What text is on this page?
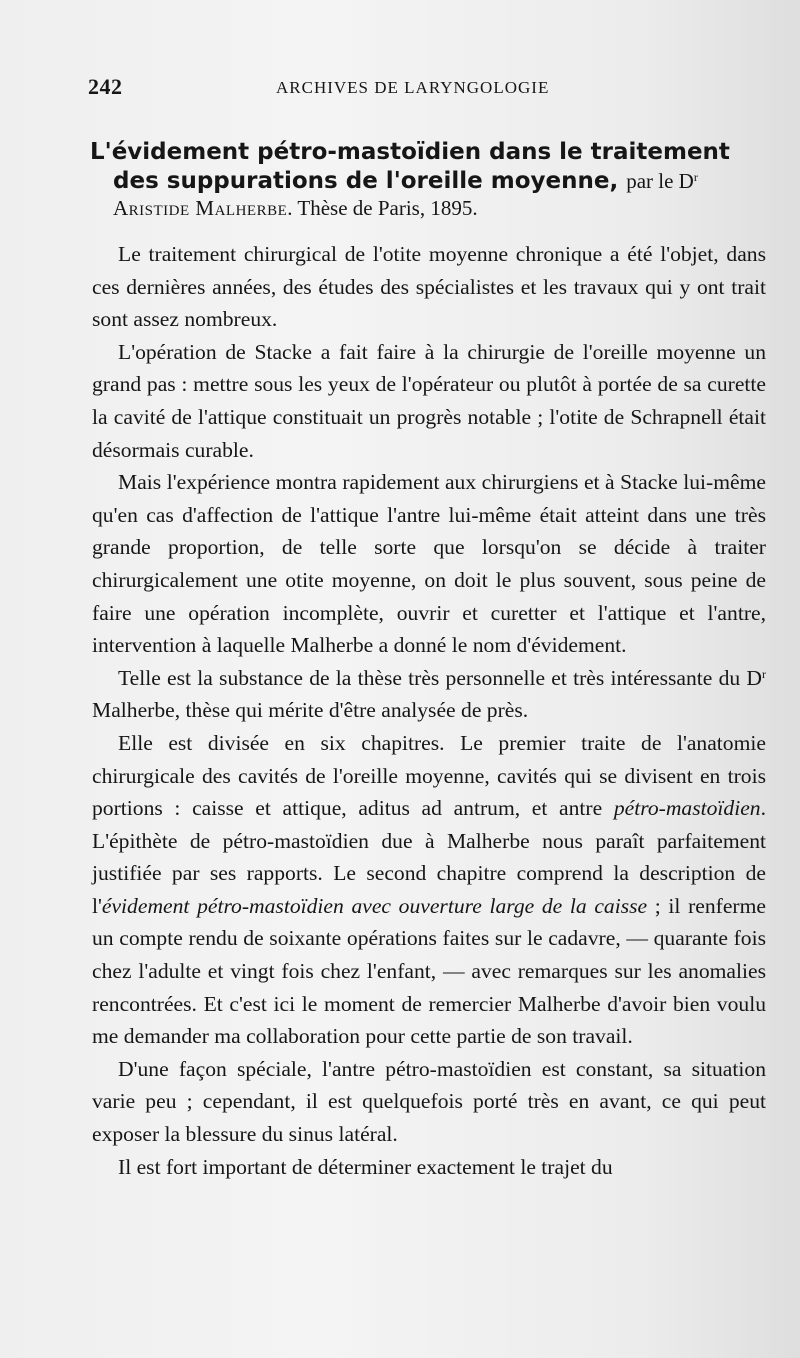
242	ARCHIVES DE LARYNGOLOGIE
L'évidement pétro-mastoïdien dans le traitement
des suppurations de l'oreille moyenne, par le $D^r$
Aristide Malherbe. Thèse de Paris, 1895.

Le traitement chirurgical de l'otite moyenne chronique a été l'objet, dans ces dernières années, des études des spécialistes et les travaux qui y ont trait sont assez nombreux.

L'opération de Stacke a fait faire à la chirurgie de l'oreille moyenne un grand pas : mettre sous les yeux de l'opérateur ou plutôt à portée de sa curette la cavité de l'attique constituait un progrès notable ; l'otite de Schrapnell était désormais curable.

Mais l'expérience montra rapidement aux chirurgiens et à Stacke lui-même qu'en cas d'affection de l'attique l'antre lui-même était atteint dans une très grande proportion, de telle sorte que lorsqu'on se décide à traiter chirurgicalement une otite moyenne, on doit le plus souvent, sous peine de faire une opération incomplète, ouvrir et curetter et l'attique et l'antre, intervention à laquelle Malherbe a donné le nom d'évidement.

Telle est la substance de la thèse très personnelle et très intéressante du $D^r$ Malherbe, thèse qui mérite d'être analysée de près.

Elle est divisée en six chapitres. Le premier traite de l'anatomie chirurgicale des cavités de l'oreille moyenne, cavités qui se divisent en trois portions : caisse et attique, aditus ad antrum, et antre pétro-mastoïdien. L'épithète de pétro-mastoïdien due à Malherbe nous paraît parfaitement justifiée par ses rapports. Le second chapitre comprend la description de l'évidement pétro-mastoïdien avec ouverture large de la caisse ; il renferme un compte rendu de soixante opérations faites sur le cadavre, — quarante fois chez l'adulte et vingt fois chez l'enfant, — avec remarques sur les anomalies rencontrées. Et c'est ici le moment de remercier Malherbe d'avoir bien voulu me demander ma collaboration pour cette partie de son travail.

D'une façon spéciale, l'antre pétro-mastoïdien est constant, sa situation varie peu ; cependant, il est quelquefois porté très en avant, ce qui peut exposer la blessure du sinus latéral.

Il est fort important de déterminer exactement le trajet du
